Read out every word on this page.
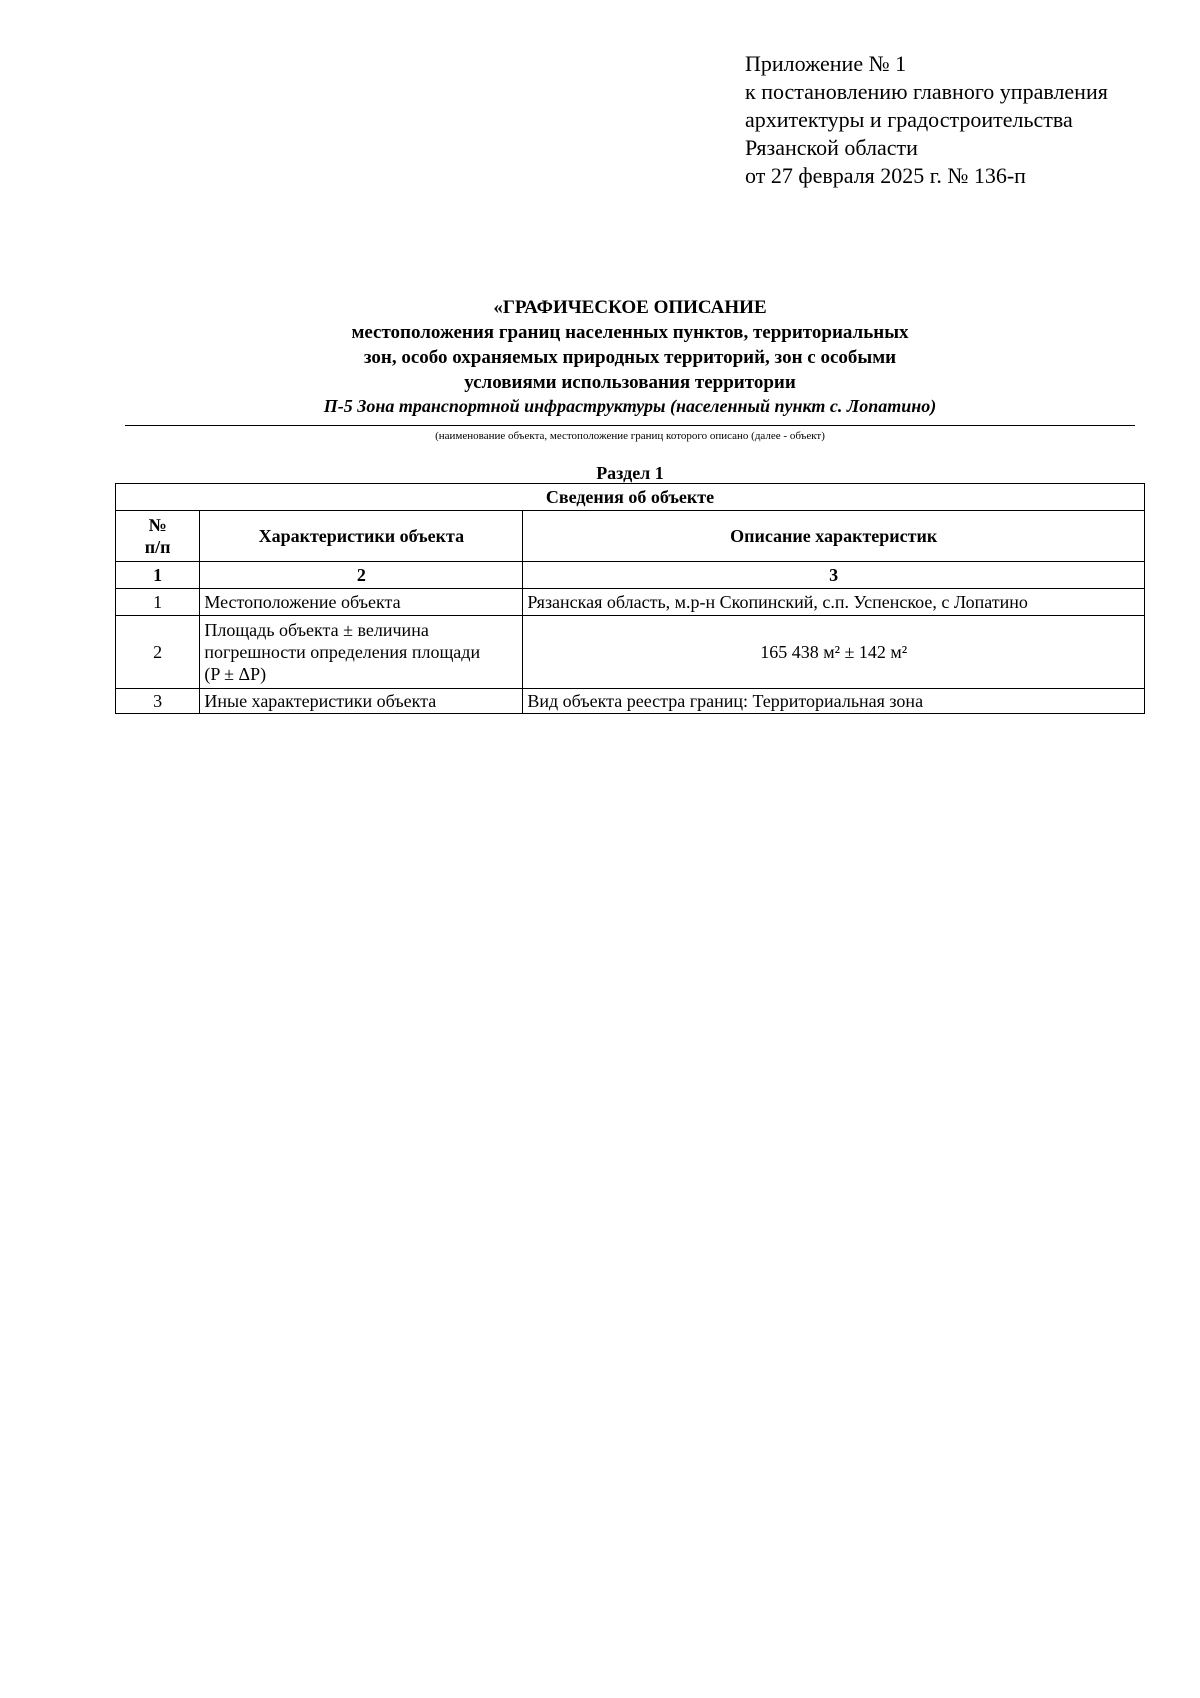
Приложение № 1
к постановлению главного управления
архитектуры и градостроительства
Рязанской области
от 27 февраля 2025 г. № 136-п
«ГРАФИЧЕСКОЕ ОПИСАНИЕ
местоположения границ населенных пунктов, территориальных
зон, особо охраняемых природных территорий, зон с особыми
условиями использования территории
П-5 Зона транспортной инфраструктуры (населенный пункт с. Лопатино)
(наименование объекта, местоположение границ которого описано (далее - объект)
Раздел 1
Сведения об объекте		

№
п/п	Характеристики объекта	Описание характеристик
1	2	3
1	Местоположение объекта	Рязанская область, м.р-н Скопинский, с.п. Успенское, с Лопатино
2	Площадь объекта ± величина
погрешности определения площади
(P ± ΔP)	165 438 м² ± 142 м²
3	Иные характеристики объекта	Вид объекта реестра границ: Территориальная зона
